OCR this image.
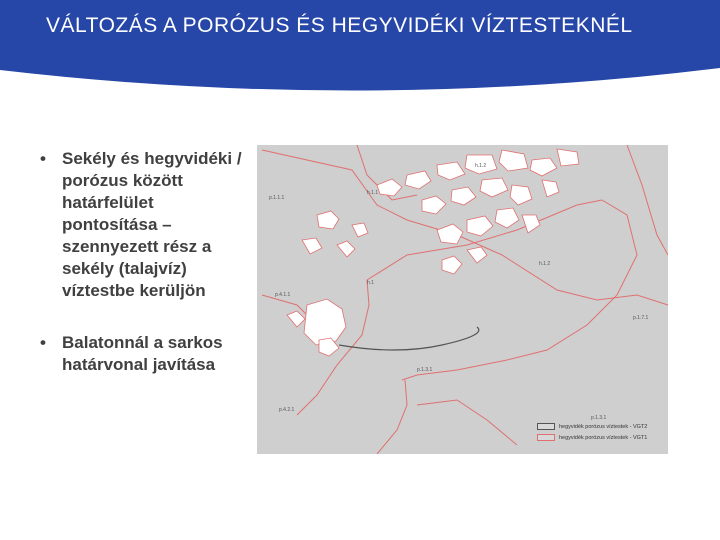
VÁLTOZÁS A PORÓZUS ÉS HEGYVIDÉKI VÍZTESTEKNÉL
• Sekély és hegyvidéki / porózus között határfelület pontosítása – szennyezett rész a sekély (talajvíz) víztestbe kerüljön
• Balatonnál a sarkos határvonal javítása
p.1.1.1
h.1.2
h.1.1
h.1.2
p.1.7.1
h.1
p.4.1.1
p.4.2.1
p.1.3.1
p.1.3.1
hegyvidék porózus víztestek - VGT2
hegyvidék porózus víztestek - VGT1
